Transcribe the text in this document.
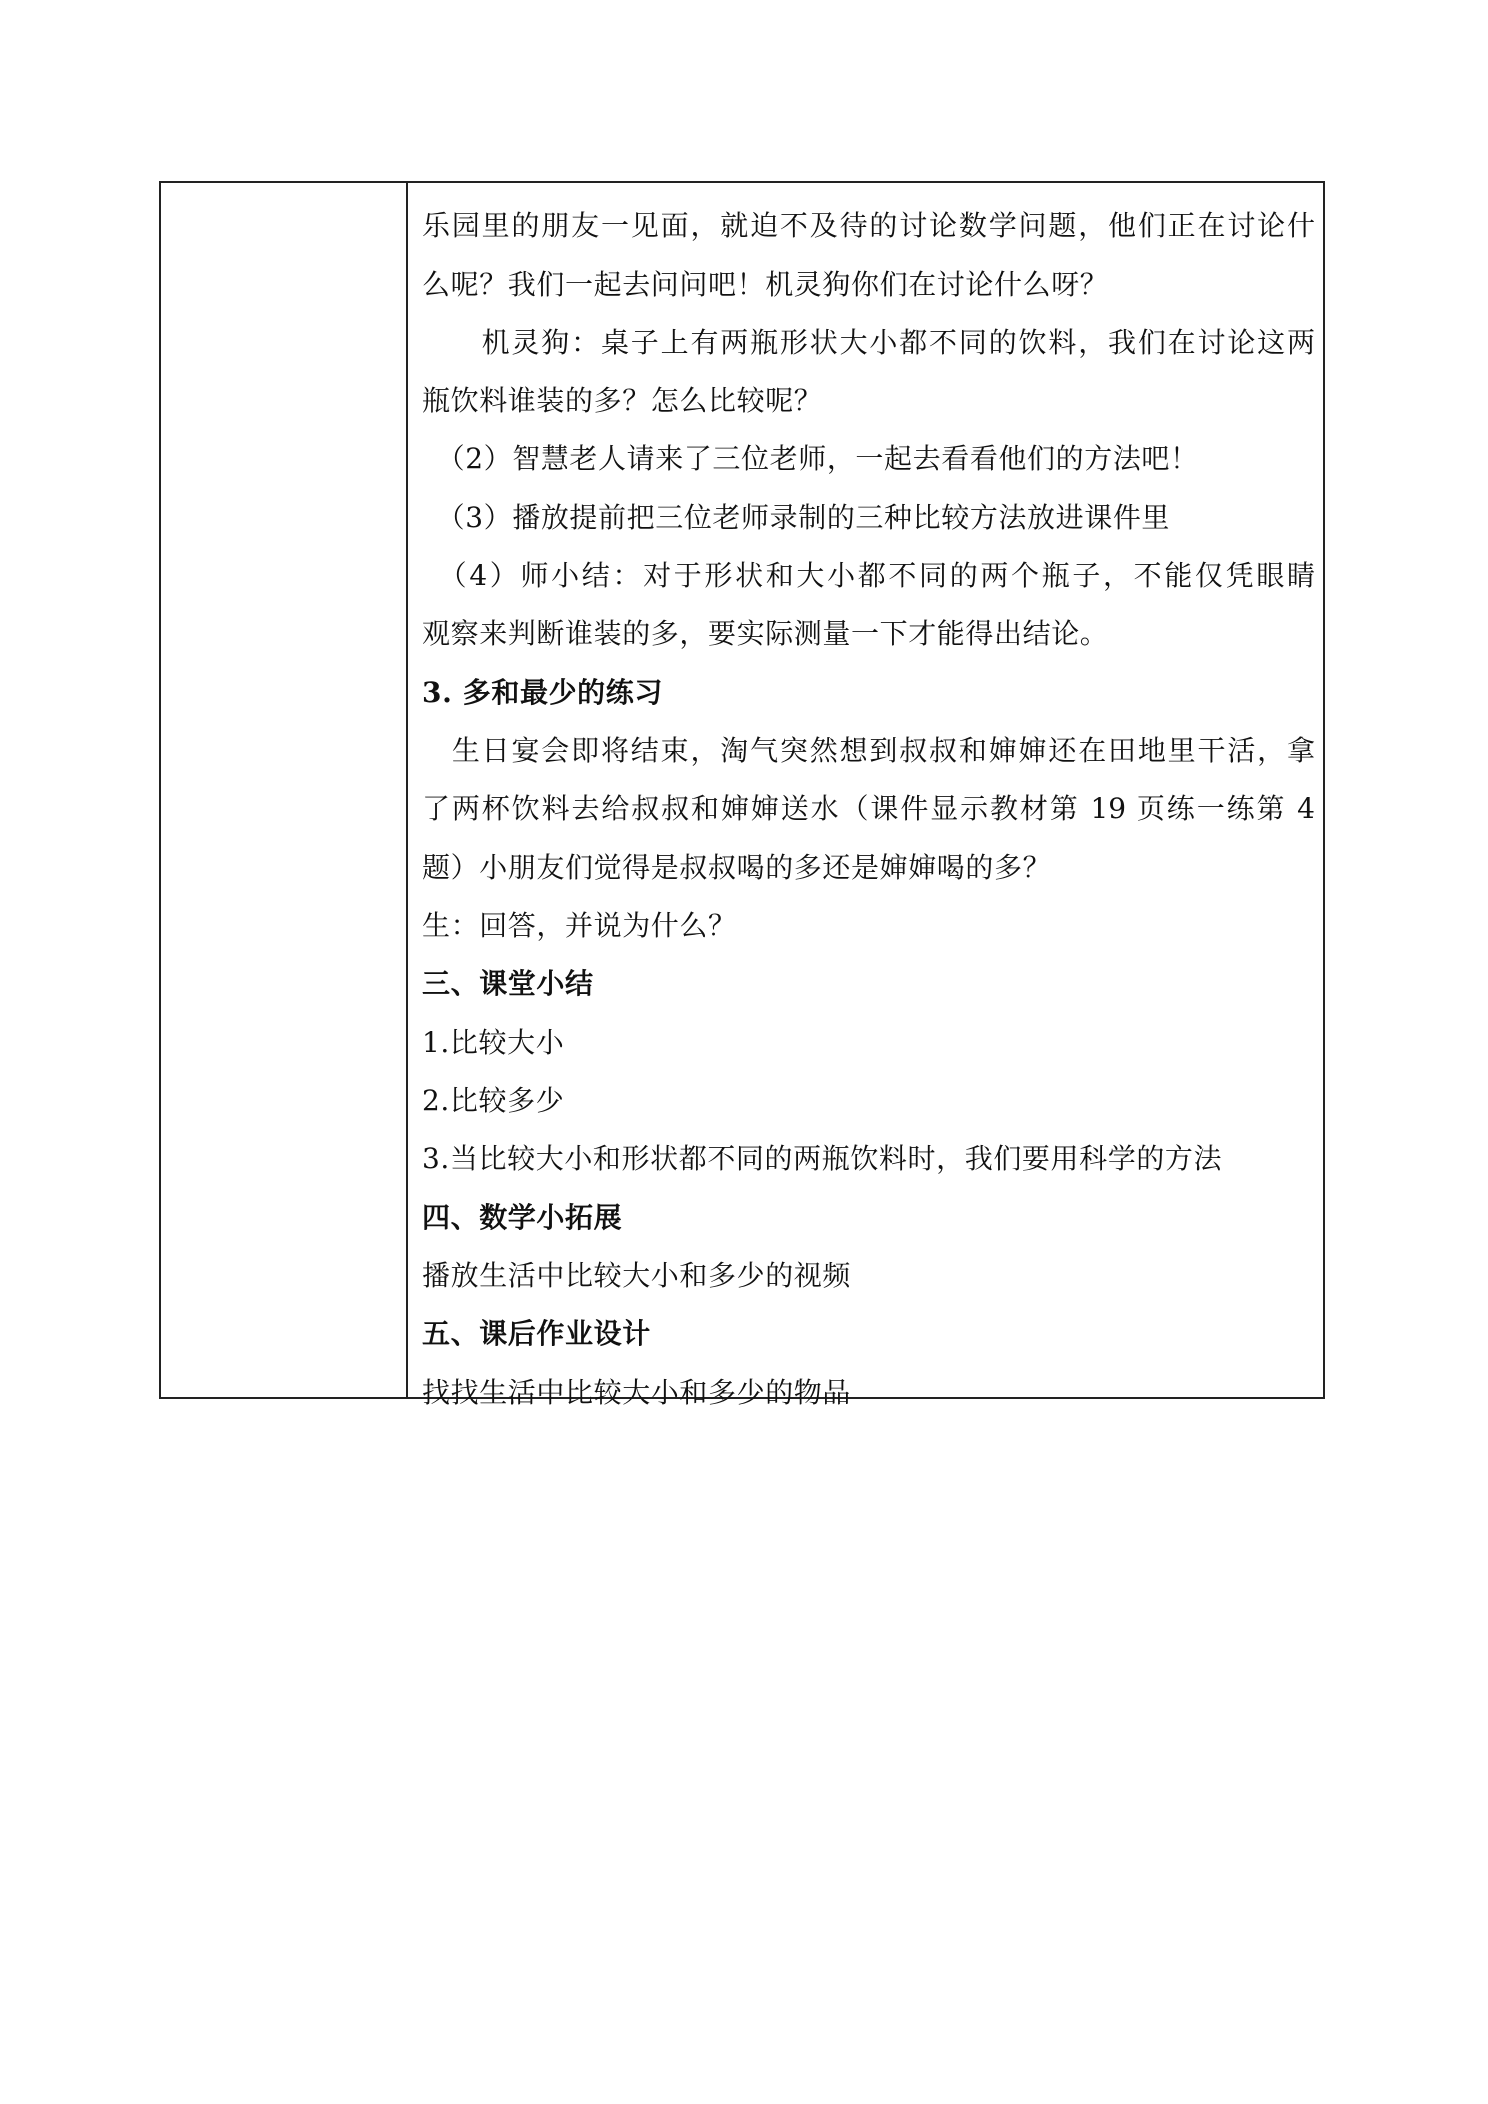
乐园里的朋友一见面，就迫不及待的讨论数学问题，他们正在讨论什
么呢？我们一起去问问吧！机灵狗你们在讨论什么呀？
　　机灵狗：桌子上有两瓶形状大小都不同的饮料，我们在讨论这两
瓶饮料谁装的多？怎么比较呢？
　（2）智慧老人请来了三位老师，一起去看看他们的方法吧！
　（3）播放提前把三位老师录制的三种比较方法放进课件里
　（4）师小结：对于形状和大小都不同的两个瓶子，不能仅凭眼睛
观察来判断谁装的多，要实际测量一下才能得出结论。
3. 多和最少的练习
　生日宴会即将结束，淘气突然想到叔叔和婶婶还在田地里干活，拿
了两杯饮料去给叔叔和婶婶送水（课件显示教材第 19 页练一练第 4
题）小朋友们觉得是叔叔喝的多还是婶婶喝的多？
生：回答，并说为什么？
三、课堂小结
1.比较大小
2.比较多少
3.当比较大小和形状都不同的两瓶饮料时，我们要用科学的方法
四、数学小拓展
播放生活中比较大小和多少的视频
五、课后作业设计
找找生活中比较大小和多少的物品
